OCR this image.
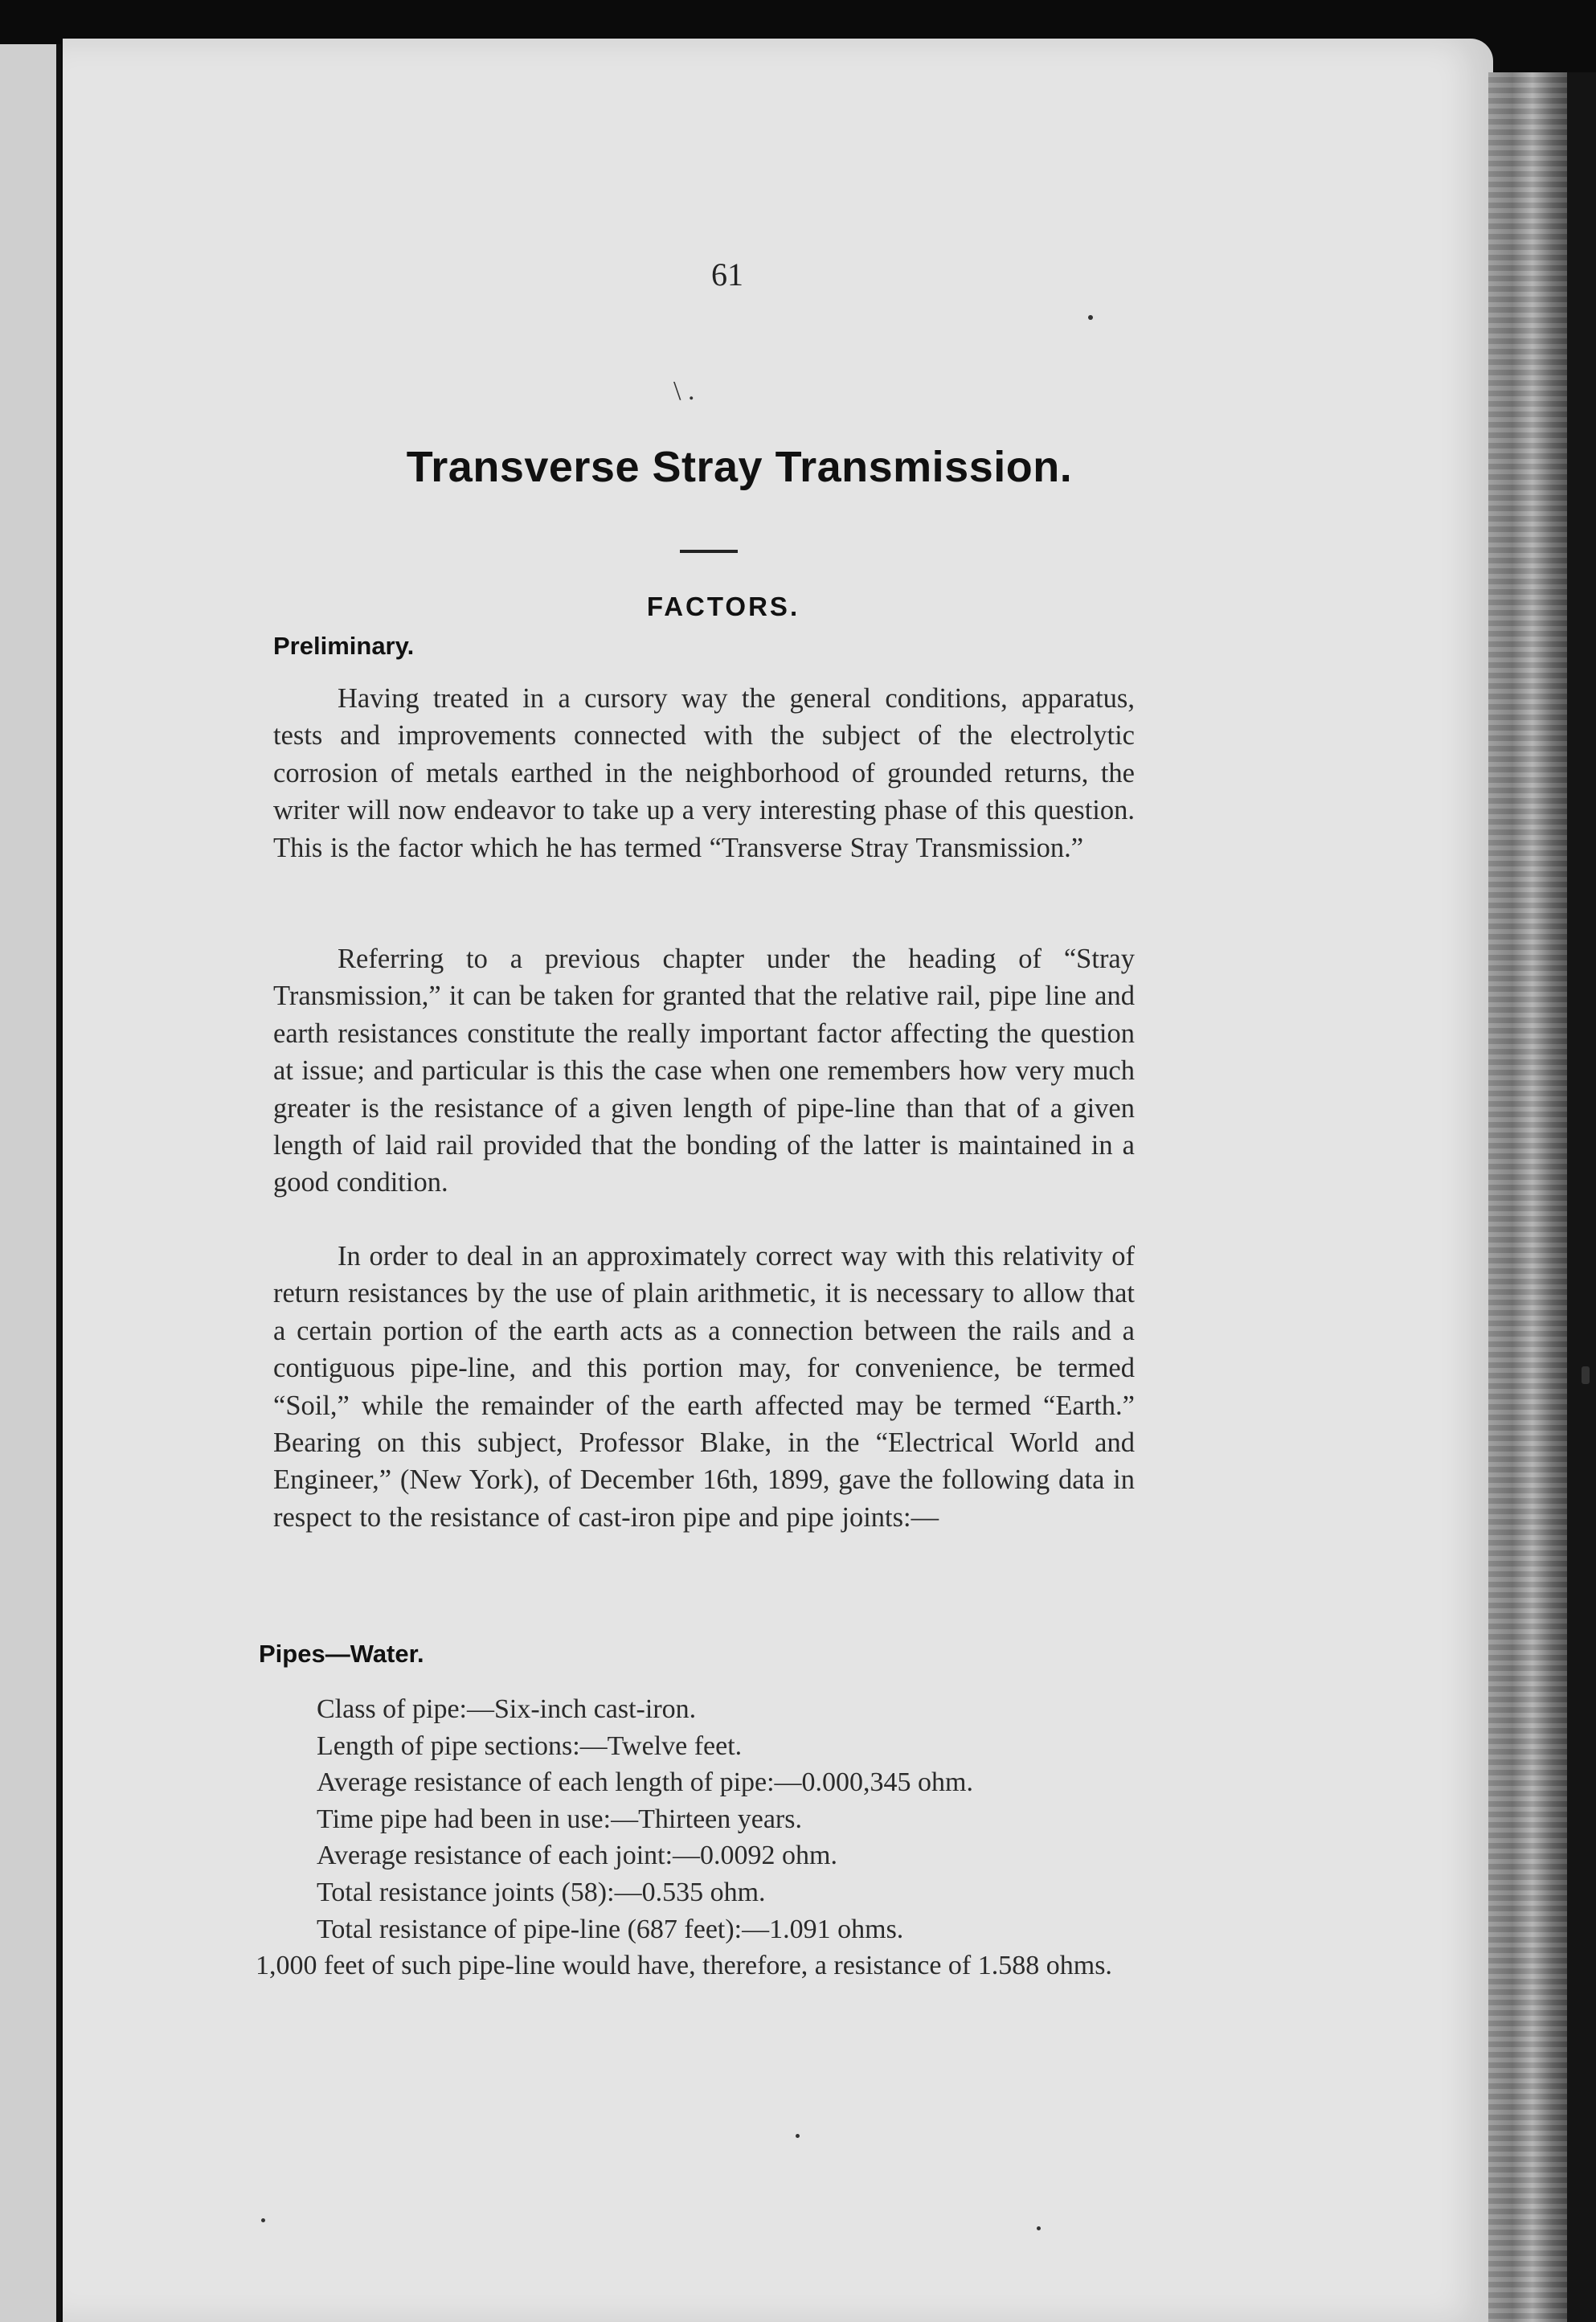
61
\ .
Transverse Stray Transmission.
FACTORS.
Preliminary.

Having treated in a cursory way the general conditions, apparatus, tests and improvements connected with the subject of the electrolytic corrosion of metals earthed in the neighborhood of grounded returns, the writer will now endeavor to take up a very interesting phase of this question. This is the factor which he has termed “Transverse Stray Transmission.”

Referring to a previous chapter under the heading of “Stray Transmission,” it can be taken for granted that the relative rail, pipe line and earth resistances constitute the really important factor affecting the question at issue; and particular is this the case when one remembers how very much greater is the resistance of a given length of pipe-line than that of a given length of laid rail provided that the bonding of the latter is maintained in a good condition.

In order to deal in an approximately correct way with this relativity of return resistances by the use of plain arithmetic, it is necessary to allow that a certain portion of the earth acts as a connection between the rails and a contiguous pipe-line, and this portion may, for convenience, be termed “Soil,” while the remainder of the earth affected may be termed “Earth.” Bearing on this subject, Professor Blake, in the “Electrical World and Engineer,” (New York), of December 16th, 1899, gave the following data in respect to the resistance of cast-iron pipe and pipe joints:—

Pipes—Water.

Class of pipe:—Six-inch cast-iron.

Length of pipe sections:—Twelve feet.

Average resistance of each length of pipe:—0.000,345 ohm.

Time pipe had been in use:—Thirteen years.

Average resistance of each joint:—0.0092 ohm.

Total resistance joints (58):—0.535 ohm.

Total resistance of pipe-line (687 feet):—1.091 ohms.

1,000 feet of such pipe-line would have, therefore, a resistance of 1.588 ohms.
